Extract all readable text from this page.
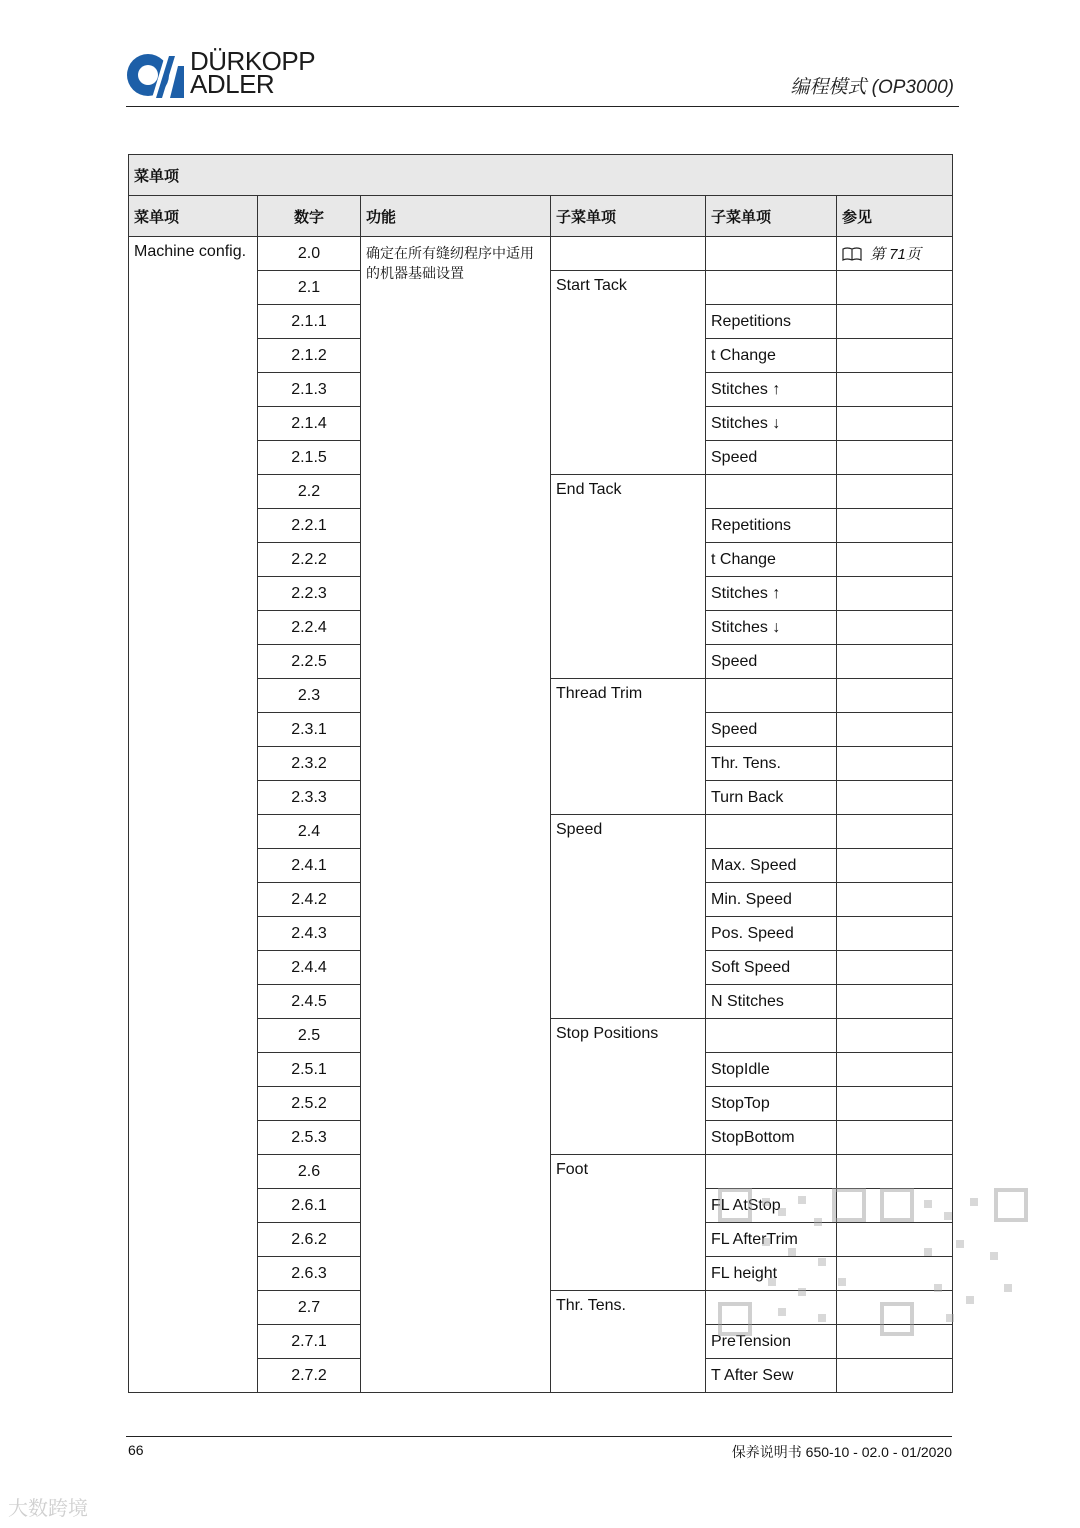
DÜRKOPP
ADLER	编程模式 (OP3000)
菜单项					
菜单项	数字	功能	子菜单项	子菜单项	参见
Machine config.	2.0	确定在所有缝纫程序中适用的机器基础设置			第 71页
	2.1		Start Tack		
	2.1.1			Repetitions	
	2.1.2			t Change	
	2.1.3			Stitches ↑	
	2.1.4			Stitches ↓	
	2.1.5			Speed	
	2.2		End Tack		
	2.2.1			Repetitions	
	2.2.2			t Change	
	2.2.3			Stitches ↑	
	2.2.4			Stitches ↓	
	2.2.5			Speed	
	2.3		Thread Trim		
	2.3.1			Speed	
	2.3.2			Thr. Tens.	
	2.3.3			Turn Back	
	2.4		Speed		
	2.4.1			Max. Speed	
	2.4.2			Min. Speed	
	2.4.3			Pos. Speed	
	2.4.4			Soft Speed	
	2.4.5			N Stitches	
	2.5		Stop Positions		
	2.5.1			StopIdle	
	2.5.2			StopTop	
	2.5.3			StopBottom	
	2.6		Foot		
	2.6.1			FL AtStop	
	2.6.2			FL AfterTrim	
	2.6.3			FL height	
	2.7		Thr. Tens.		
	2.7.1			PreTension	
	2.7.2			T After Sew	
66	保养说明书 650-10 - 02.0 - 01/2020
大数跨境
